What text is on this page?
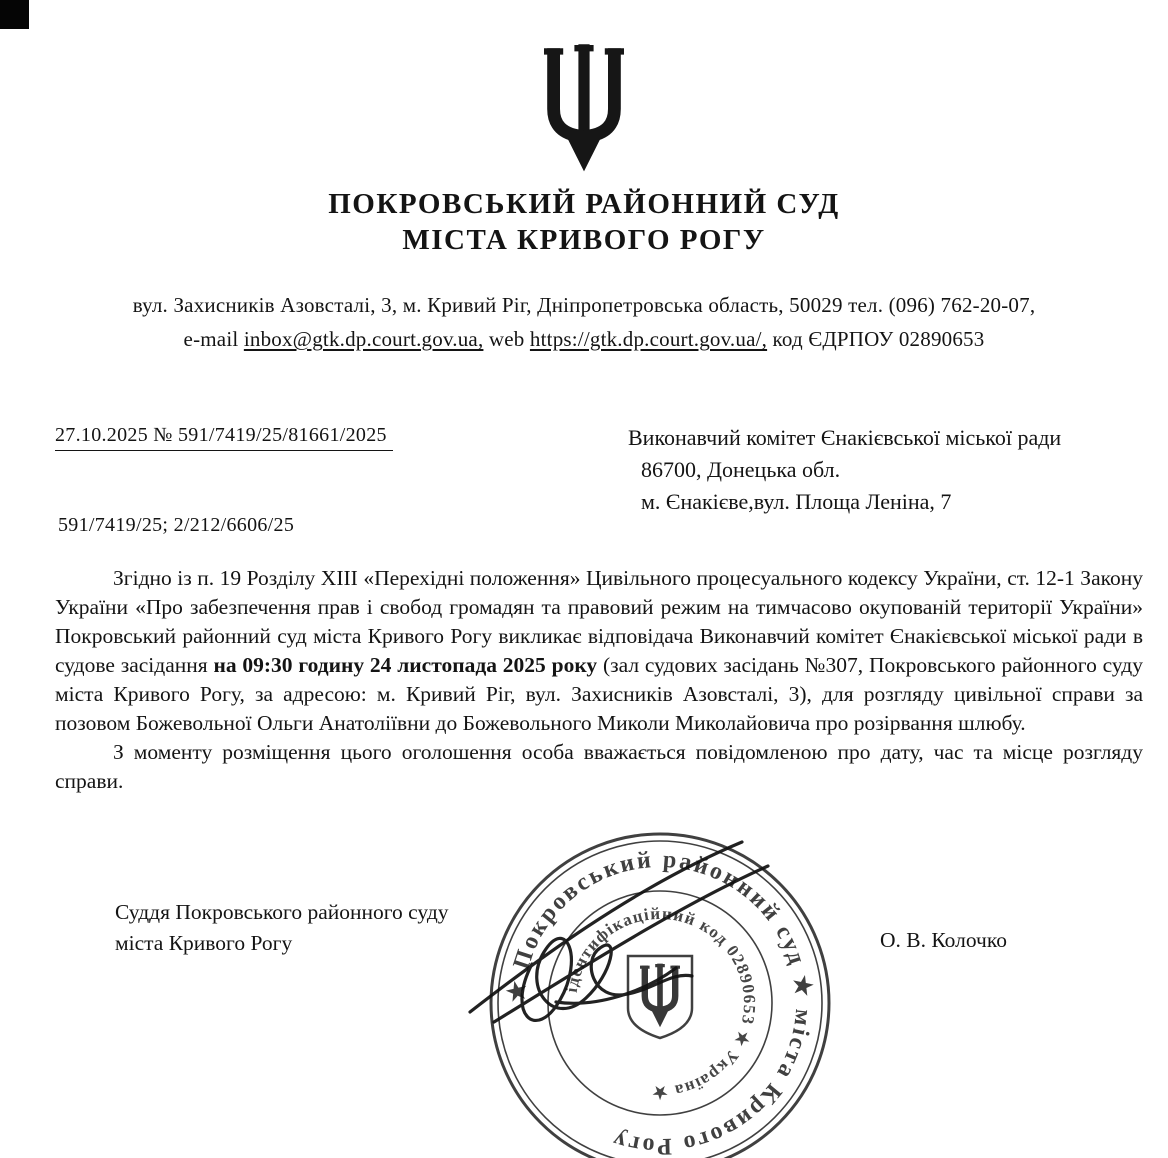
ПОКРОВСЬКИЙ РАЙОННИЙ СУД
МІСТА КРИВОГО РОГУ
вул. Захисників Азовсталі, 3, м. Кривий Ріг, Дніпропетровська область, 50029 тел. (096) 762-20-07,
e-mail inbox@gtk.dp.court.gov.ua, web https://gtk.dp.court.gov.ua/, код ЄДРПОУ 02890653
27.10.2025 № 591/7419/25/81661/2025	Виконавчий комітет Єнакієвської міської ради
86700, Донецька обл.
м. Єнакієве,вул. Площа Леніна, 7
591/7419/25; 2/212/6606/25

Згідно із п. 19 Розділу ХІІІ «Перехідні положення» Цивільного процесуального кодексу України, ст. 12-1 Закону України «Про забезпечення прав і свобод громадян та правовий режим на тимчасово окупованій території України» Покровський районний суд міста Кривого Рогу викликає відповідача Виконавчий комітет Єнакієвської міської ради в судове засідання на 09:30 годину 24 листопада 2025 року (зал судових засідань №307, Покровського районного суду міста Кривого Рогу, за адресою: м. Кривий Ріг, вул. Захисників Азовсталі, 3), для розгляду цивільної справи за позовом Божевольної Ольги Анатоліївни до Божевольного Миколи Миколайовича про розірвання шлюбу.

З моменту розміщення цього оголошення особа вважається повідомленою про дату, час та місце розгляду справи.

Суддя Покровського районного суду
міста Кривого Рогу	О. В. Колочко
★ Покровський районний суд ★ міста Кривого Рогу
ідентифікаційний код 02890653 ★ Україна ★
